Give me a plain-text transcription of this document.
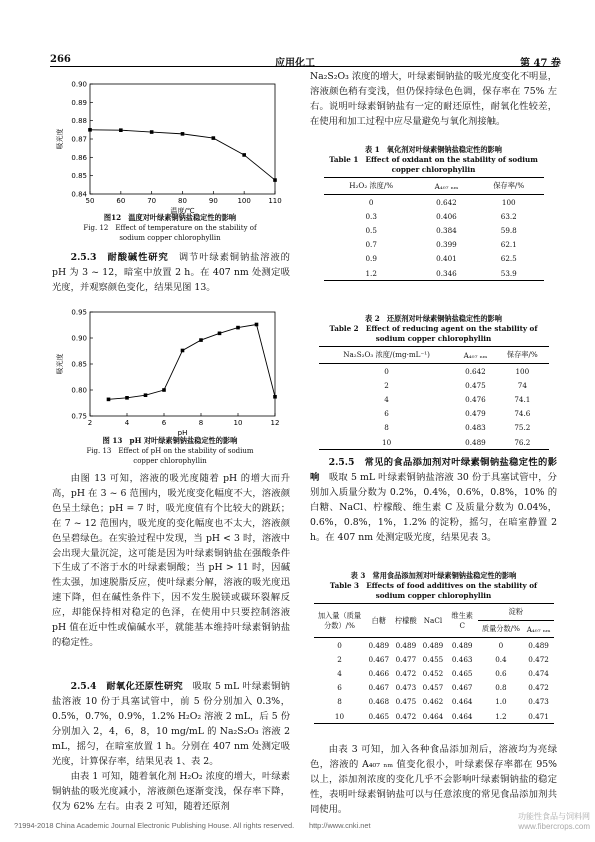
266	应用化工	第 47 卷
50	60	70	80	90	100 110
0.84
0.85
0.86
0.87
0.88
0.89
0.90
温度/℃
吸光度
图12　温度对叶绿素铜钠盐稳定性的影响
Fig. 12　Effect of temperature on the stability of
sodium copper chlorophyllin
2.5.3　耐酸碱性研究　 调节叶绿素铜钠盐溶液的 pH 为 3 ~ 12，暗室中放置 2 h。在 407 nm 处测定吸光度，并观察颜色变化，结果见图 13。
2	4	6	8	10	12
0.75
0.80
0.85
0.90
0.95
pH
吸光度
图 13　pH 对叶绿素铜钠盐稳定性的影响
Fig. 13　Effect of pH on the stability of sodium
copper chlorophyllin
由图 13 可知，溶液的吸光度随着 pH 的增大而升高，pH 在 3 ~ 6 范围内，吸光度变化幅度不大，溶液颜色呈土绿色；pH = 7 时，吸光度值有个比较大的跳跃；在 7 ~ 12 范围内，吸光度的变化幅度也不太大，溶液颜色呈碧绿色。在实验过程中发现，当 pH < 3 时，溶液中会出现大量沉淀，这可能是因为叶绿素铜钠盐在强酸条件下生成了不溶于水的叶绿素铜酸；当 pH > 11 时，因碱性太强，加速脱脂反应，使叶绿素分解，溶液的吸光度迅速下降，但在碱性条件下，因不发生脱镁或碳环裂解反应，却能保持相对稳定的色泽，在使用中只要控制溶液 pH 值在近中性或偏碱水平，就能基本维持叶绿素铜钠盐的稳定性。
2.5.4　耐氧化还原性研究　 吸取 5 mL 叶绿素铜钠盐溶液 10 份于具塞试管中，前 5 份分别加入 0.3%，0.5%，0.7%，0.9%，1.2% H₂O₂ 溶液 2 mL，后 5 份分别加入 2，4，6，8，10 mg/mL 的 Na₂S₂O₃ 溶液 2 mL，摇匀，在暗室放置 1 h。分别在 407 nm 处测定吸光度，计算保存率，结果见表 1、表 2。
由表 1 可知，随着氧化剂 H₂O₂ 浓度的增大，叶绿素铜钠盐的吸光度减小，溶液颜色逐渐变浅，保存率下降，仅为 62% 左右。由表 2 可知，随着还原剂
Na₂S₂O₃ 浓度的增大，叶绿素铜钠盐的吸光度变化不明显，溶液颜色稍有变浅，但仍保持绿色色调，保存率在 75% 左右。说明叶绿素铜钠盐有一定的耐还原性，耐氧化性较差，在使用和加工过程中应尽量避免与氧化剂接触。
表 1　氧化剂对叶绿素铜钠盐稳定性的影响
Table 1　Effect of oxidant on the stability of sodium
copper chlorophyllin
H₂O₂ 浓度/%	A₄₀₇ ₙₘ	保存率/%
0	0.642	100
0.3	0.406	63.2
0.5	0.384	59.8
0.7	0.399	62.1
0.9	0.401	62.5
1.2	0.346	53.9
表 2　还原剂对叶绿素铜钠盐稳定性的影响
Table 2　Effect of reducing agent on the stability of
sodium copper chlorophyllin
Na₂S₂O₃ 浓度/(mg·mL⁻¹)	A₄₀₇ ₙₘ	保存率/%
0	0.642	100
2	0.475	74
4	0.476	74.1
6	0.479	74.6
8	0.483	75.2
10	0.489	76.2
2.5.5　常见的食品添加剂对叶绿素铜钠盐稳定性的影响　 吸取 5 mL 叶绿素铜钠盐溶液 30 份于具塞试管中，分别加入质量分数为 0.2%，0.4%，0.6%，0.8%，10% 的白糖、NaCl、柠檬酸、维生素 C 及质量分数为 0.04%，0.6%，0.8%，1%，1.2% 的淀粉，摇匀，在暗室静置 2 h。在 407 nm 处测定吸光度，结果见表 3。
表 3　常用食品添加剂对叶绿素铜钠盐稳定性的影响
Table 3　Effects of food additives on the stability of
sodium copper chlorophyllin
加入量（质量分数）/%	白糖	柠檬酸	NaCl	维生素 C	淀粉	
					质量分数/%	A₄₀₇ ₙₘ
0	0.489	0.489	0.489	0.489	0	0.489
2	0.467	0.477	0.455	0.463	0.4	0.472
4	0.466	0.472	0.452	0.465	0.6	0.474
6	0.467	0.473	0.457	0.467	0.8	0.472
8	0.468	0.475	0.462	0.464	1.0	0.473
10	0.465	0.472	0.464	0.464	1.2	0.471
由表 3 可知，加入各种食品添加剂后，溶液均为亮绿色，溶液的 A₄₀₇ ₙₘ 值变化很小，叶绿素保存率都在 95% 以上，添加剂浓度的变化几乎不会影响叶绿素铜钠盐的稳定性，表明叶绿素铜钠盐可以与任意浓度的常见食品添加剂共同使用。
?1994-2018 China Academic Journal Electronic Publishing House. All rights reserved.　　http://www.cnki.net
功能性食品与饲料网 www.fibercrops.com
